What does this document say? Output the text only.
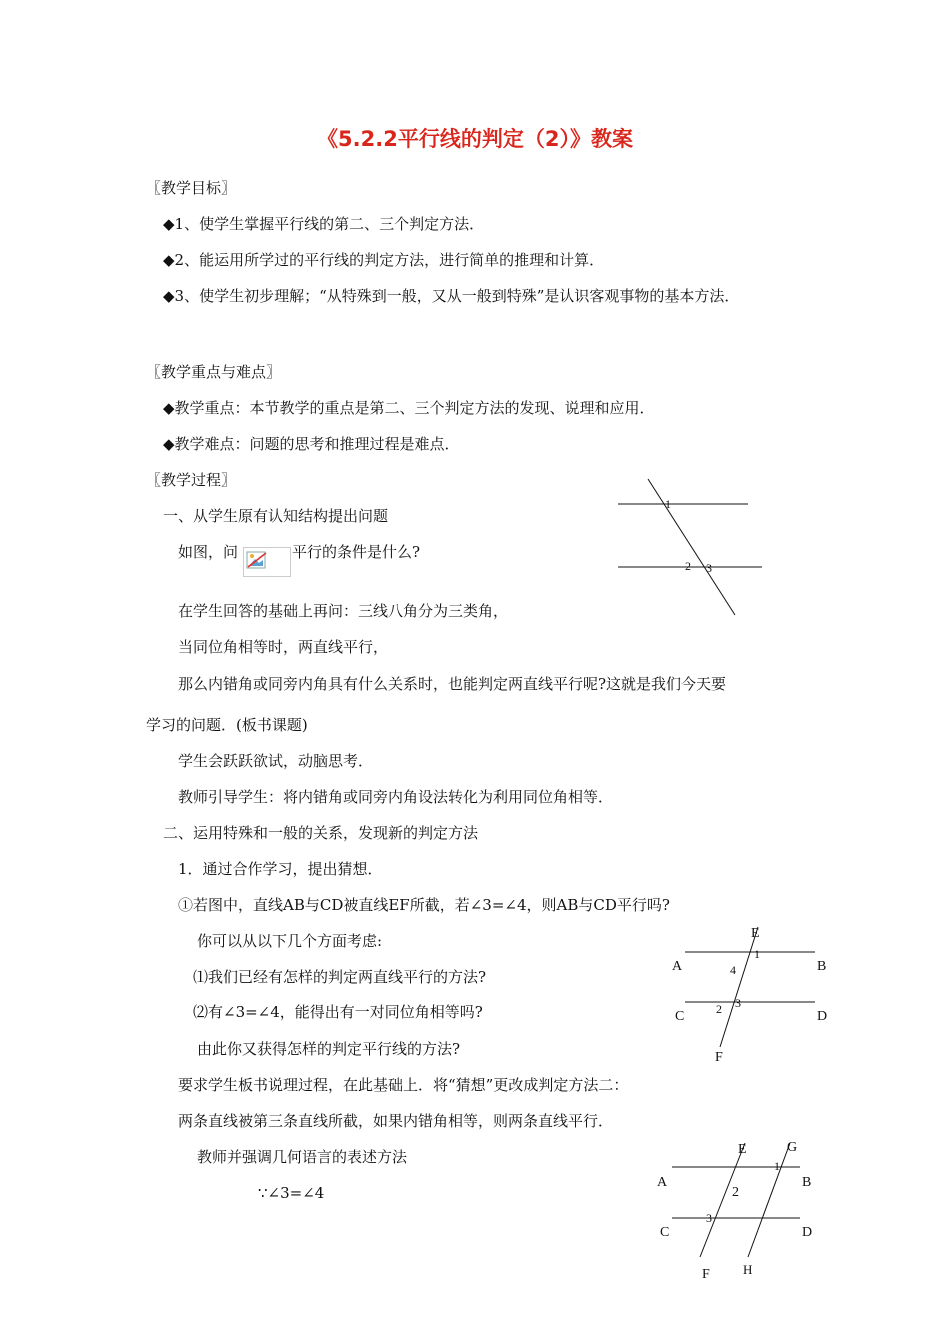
《5.2.2平行线的判定（2）》教案
〖教学目标〗
◆1、使学生掌握平行线的第二、三个判定方法．
◆2、能运用所学过的平行线的判定方法，进行简单的推理和计算．
◆3、使学生初步理解；“从特殊到一般，又从一般到特殊”是认识客观事物的基本方法．
〖教学重点与难点〗
◆教学重点：本节教学的重点是第二、三个判定方法的发现、说理和应用．
◆教学难点：问题的思考和推理过程是难点．
〖教学过程〗
一、从学生原有认知结构提出问题
如图，问	平行的条件是什么?
在学生回答的基础上再问：三线八角分为三类角，
当同位角相等时，两直线平行，
那么内错角或同旁内角具有什么关系时，也能判定两直线平行呢?这就是我们今天要
学习的问题．(板书课题)
学生会跃跃欲试，动脑思考．
教师引导学生：将内错角或同旁内角设法转化为利用同位角相等．
二、运用特殊和一般的关系，发现新的判定方法
1．通过合作学习，提出猜想．
①若图中，直线AB与CD被直线EF所截，若∠3=∠4，则AB与CD平行吗?
你可以从以下几个方面考虑:
⑴我们已经有怎样的判定两直线平行的方法?
⑵有∠3=∠4，能得出有一对同位角相等吗?
由此你又获得怎样的判定平行线的方法?
要求学生板书说理过程，在此基础上．将“猜想”更改成判定方法二：
两条直线被第三条直线所截，如果内错角相等，则两条直线平行．
教师并强调几何语言的表述方法
∵∠3=∠4
1
2 3
E
A	B
C	D
F
1
4
2 3
E	G
A	B
C	D
F	H
1
2
3
